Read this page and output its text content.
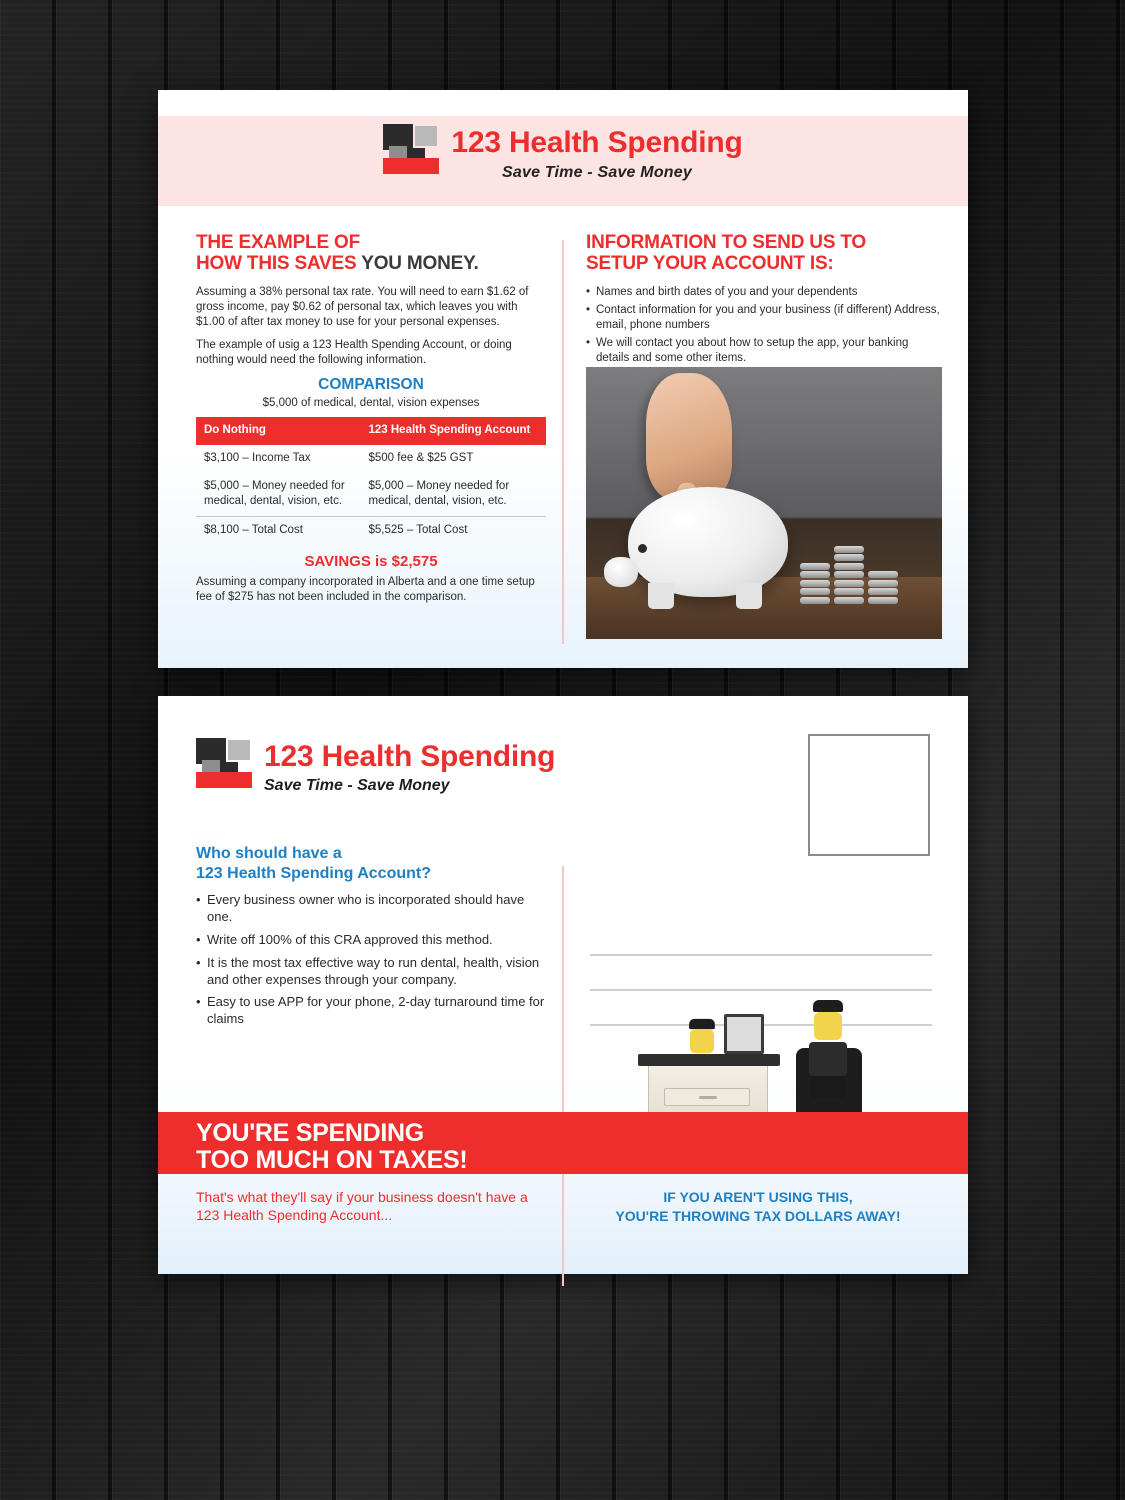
123 Health Spending
Save Time - Save Money
THE EXAMPLE OF
HOW THIS SAVES YOU MONEY.

Assuming a 38% personal tax rate. You will need to earn $1.62 of gross income, pay $0.62 of personal tax, which leaves you with $1.00 of after tax money to use for your personal expenses.

The example of usig a 123 Health Spending Account, or doing nothing would need the following information.

COMPARISON
$5,000 of medical, dental, vision expenses
Do Nothing	123 Health Spending Account
$3,100 – Income Tax	$500 fee & $25 GST
$5,000 – Money needed for medical, dental, vision, etc.	$5,000 – Money needed for medical, dental, vision, etc.
$8,100 – Total Cost	$5,525 – Total Cost
SAVINGS is $2,575

Assuming a company incorporated in Alberta and a one time setup fee of $275 has not been included in the comparison.

INFORMATION TO SEND US TO
SETUP YOUR ACCOUNT IS:
• Names and birth dates of you and your dependents
• Contact information for you and your business (if different) Address, email, phone numbers
• We will contact you about how to setup the app, your banking details and some other items.
•
123 Health Spending
Save Time - Save Money
Who should have a
123 Health Spending Account?
• Every business owner who is incorporated should have one.
• Write off 100% of this CRA approved this method.
• It is the most tax effective way to run dental, health, vision and other expenses through your company.
• Easy to use APP for your phone, 2-day turnaround time for claims
YOU'RE SPENDING
TOO MUCH ON TAXES!
That's what they'll say if your business doesn't have a 123 Health Spending Account...
IF YOU AREN'T USING THIS,
YOU'RE THROWING TAX DOLLARS AWAY!
